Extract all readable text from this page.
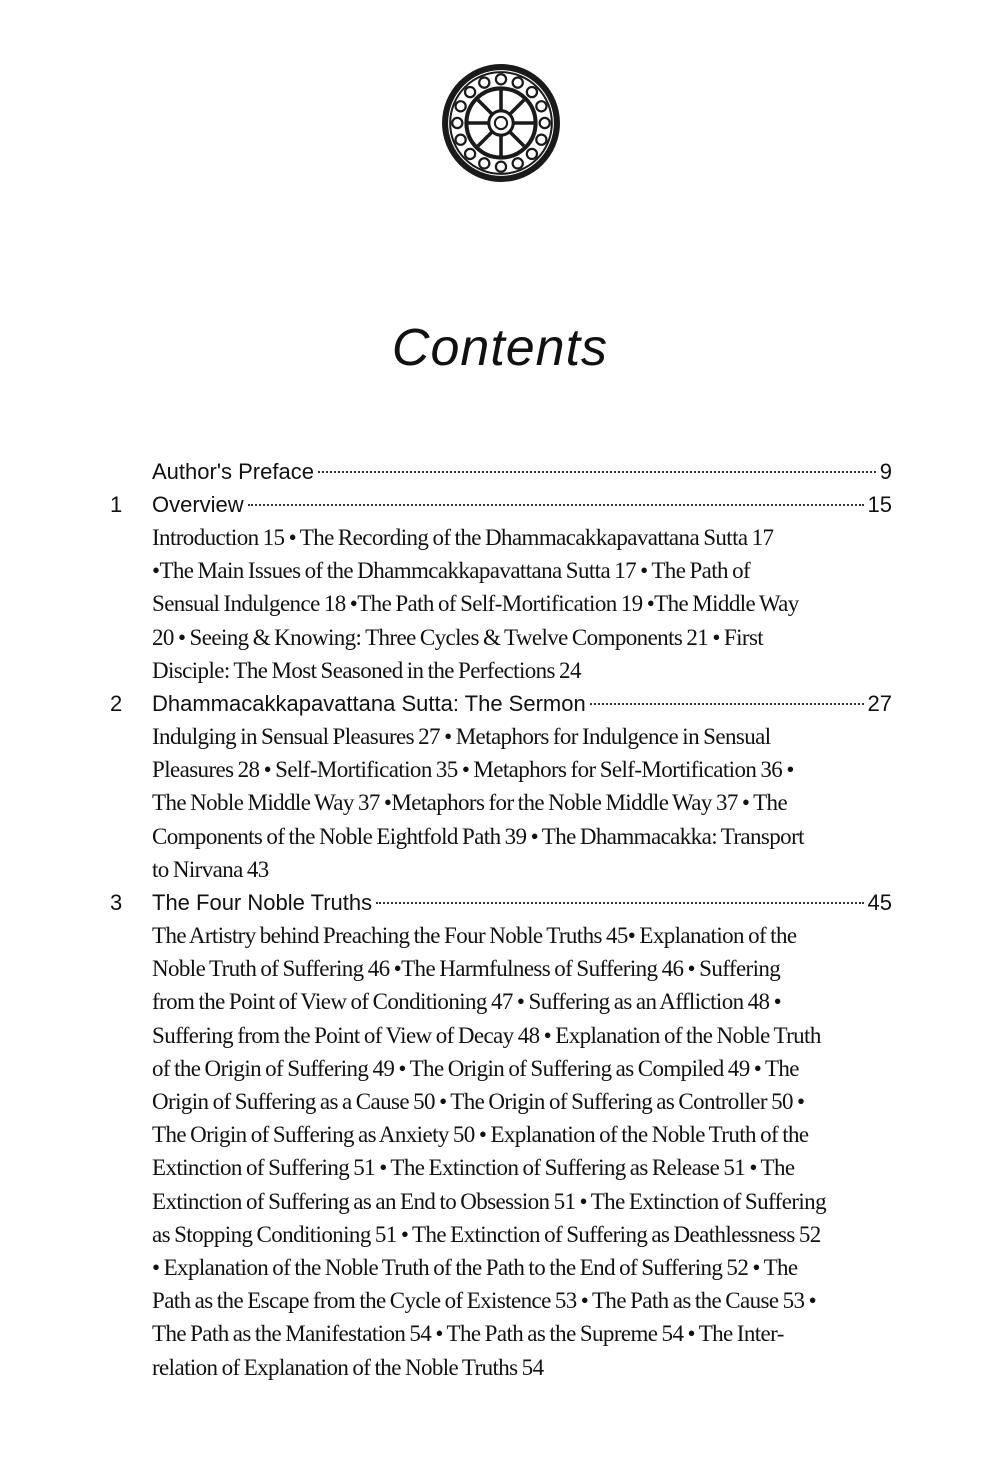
Contents
Author's Preface	9
1	Overview	15
Introduction 15 • The Recording of the Dhammacakkapavattana Sutta 17
•The Main Issues of the Dhammcakkapavattana Sutta 17 • The Path of
Sensual Indulgence 18 •The Path of Self-Mortification 19 •The Middle Way
20 • Seeing & Knowing: Three Cycles & Twelve Components 21 • First
Disciple: The Most Seasoned in the Perfections 24
2	Dhammacakkapavattana Sutta: The Sermon	27
Indulging in Sensual Pleasures 27 • Metaphors for Indulgence in Sensual
Pleasures 28 • Self-Mortification 35 • Metaphors for Self-Mortification 36 •
The Noble Middle Way 37 •Metaphors for the Noble Middle Way 37 • The
Components of the Noble Eightfold Path 39 • The Dhammacakka: Transport
to Nirvana 43
3	The Four Noble Truths	45
The Artistry behind Preaching the Four Noble Truths 45• Explanation of the
Noble Truth of Suffering 46 •The Harmfulness of Suffering 46 • Suffering
from the Point of View of Conditioning 47 • Suffering as an Affliction 48 •
Suffering from the Point of View of Decay 48 • Explanation of the Noble Truth
of the Origin of Suffering 49 • The Origin of Suffering as Compiled 49 • The
Origin of Suffering as a Cause 50 • The Origin of Suffering as Controller 50 •
The Origin of Suffering as Anxiety 50 • Explanation of the Noble Truth of the
Extinction of Suffering 51 • The Extinction of Suffering as Release 51 • The
Extinction of Suffering as an End to Obsession 51 • The Extinction of Suffering
as Stopping Conditioning 51 • The Extinction of Suffering as Deathlessness 52
• Explanation of the Noble Truth of the Path to the End of Suffering 52 • The
Path as the Escape from the Cycle of Existence 53 • The Path as the Cause 53 •
The Path as the Manifestation 54 • The Path as the Supreme 54 • The Inter-
relation of Explanation of the Noble Truths 54
